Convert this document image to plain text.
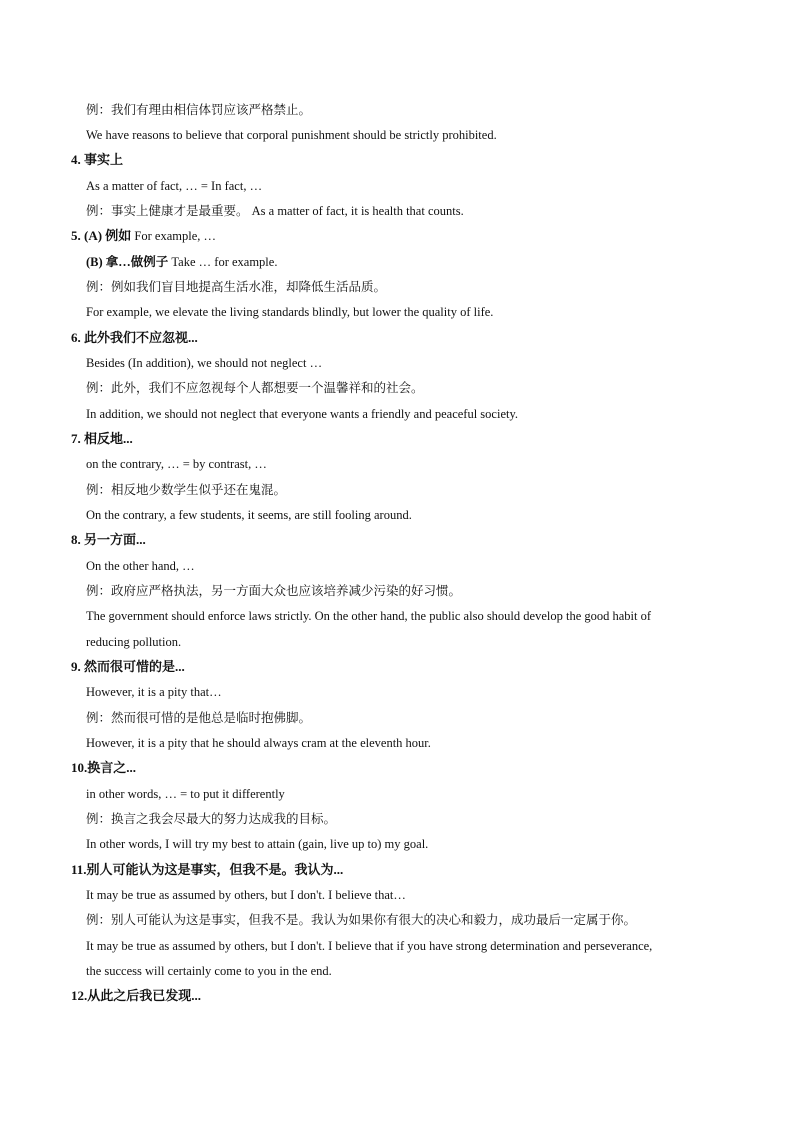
例：我们有理由相信体罚应该严格禁止。
We have reasons to believe that corporal punishment should be strictly prohibited.
4. 事实上
As a matter of fact, … = In fact, …
例：事实上健康才是最重要。 As a matter of fact, it is health that counts.
5. (A) 例如 For example, …
(B) 拿…做例子 Take … for example.
例：例如我们盲目地提高生活水准，却降低生活品质。
For example, we elevate the living standards blindly, but lower the quality of life.
6. 此外我们不应忽视...
Besides (In addition), we should not neglect …
例：此外，我们不应忽视每个人都想要一个温馨祥和的社会。
In addition, we should not neglect that everyone wants a friendly and peaceful society.
7. 相反地...
on the contrary, … = by contrast, …
例：相反地少数学生似乎还在鬼混。
On the contrary, a few students, it seems, are still fooling around.
8. 另一方面...
On the other hand, …
例：政府应严格执法，另一方面大众也应该培养减少污染的好习惯。
The government should enforce laws strictly. On the other hand, the public also should develop the good habit of
reducing pollution.
9. 然而很可惜的是...
However, it is a pity that…
例：然而很可惜的是他总是临时抱佛脚。
However, it is a pity that he should always cram at the eleventh hour.
10.换言之...
in other words, … = to put it differently
例：换言之我会尽最大的努力达成我的目标。
In other words, I will try my best to attain (gain, live up to) my goal.
11.别人可能认为这是事实，但我不是。我认为...
It may be true as assumed by others, but I don't. I believe that…
例：别人可能认为这是事实，但我不是。我认为如果你有很大的决心和毅力，成功最后一定属于你。
It may be true as assumed by others, but I don't. I believe that if you have strong determination and perseverance,
the success will certainly come to you in the end.
12.从此之后我已发现...
